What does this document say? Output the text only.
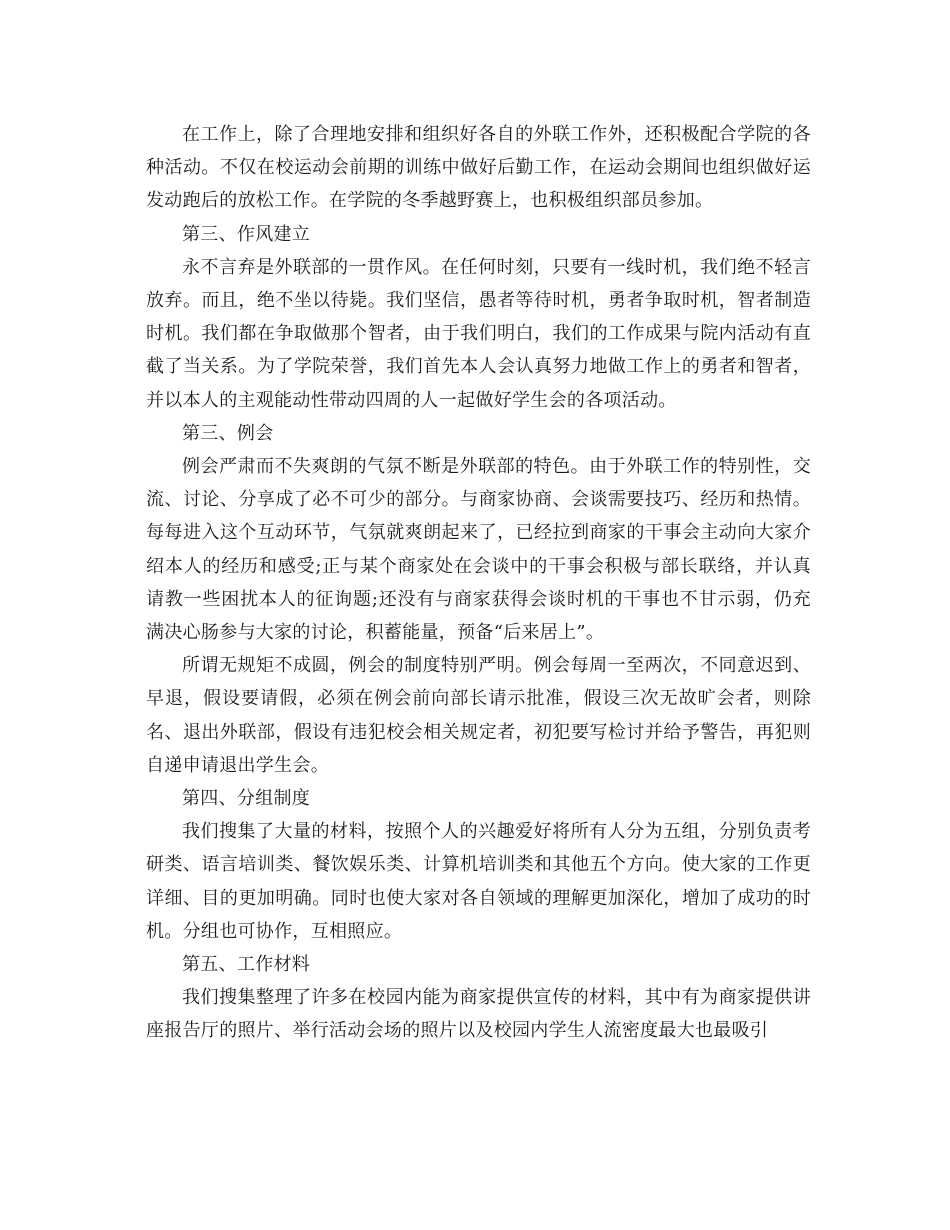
在工作上，除了合理地安排和组织好各自的外联工作外，还积极配合学院的各种活动。不仅在校运动会前期的训练中做好后勤工作，在运动会期间也组织做好运发动跑后的放松工作。在学院的冬季越野赛上，也积极组织部员参加。

第三、作风建立

永不言弃是外联部的一贯作风。在任何时刻，只要有一线时机，我们绝不轻言放弃。而且，绝不坐以待毙。我们坚信，愚者等待时机，勇者争取时机，智者制造时机。我们都在争取做那个智者，由于我们明白，我们的工作成果与院内活动有直截了当关系。为了学院荣誉，我们首先本人会认真努力地做工作上的勇者和智者，并以本人的主观能动性带动四周的人一起做好学生会的各项活动。

第三、例会

例会严肃而不失爽朗的气氛不断是外联部的特色。由于外联工作的特别性，交流、讨论、分享成了必不可少的部分。与商家协商、会谈需要技巧、经历和热情。每每进入这个互动环节，气氛就爽朗起来了，已经拉到商家的干事会主动向大家介绍本人的经历和感受;正与某个商家处在会谈中的干事会积极与部长联络，并认真请教一些困扰本人的征询题;还没有与商家获得会谈时机的干事也不甘示弱，仍充满决心肠参与大家的讨论，积蓄能量，预备“后来居上”。

所谓无规矩不成圆，例会的制度特别严明。例会每周一至两次，不同意迟到、早退，假设要请假，必须在例会前向部长请示批准，假设三次无故旷会者，则除名、退出外联部，假设有违犯校会相关规定者，初犯要写检讨并给予警告，再犯则自递申请退出学生会。

第四、分组制度

我们搜集了大量的材料，按照个人的兴趣爱好将所有人分为五组，分别负责考研类、语言培训类、餐饮娱乐类、计算机培训类和其他五个方向。使大家的工作更详细、目的更加明确。同时也使大家对各自领域的理解更加深化，增加了成功的时机。分组也可协作，互相照应。

第五、工作材料

我们搜集整理了许多在校园内能为商家提供宣传的材料，其中有为商家提供讲座报告厅的照片、举行活动会场的照片以及校园内学生人流密度最大也最吸引
